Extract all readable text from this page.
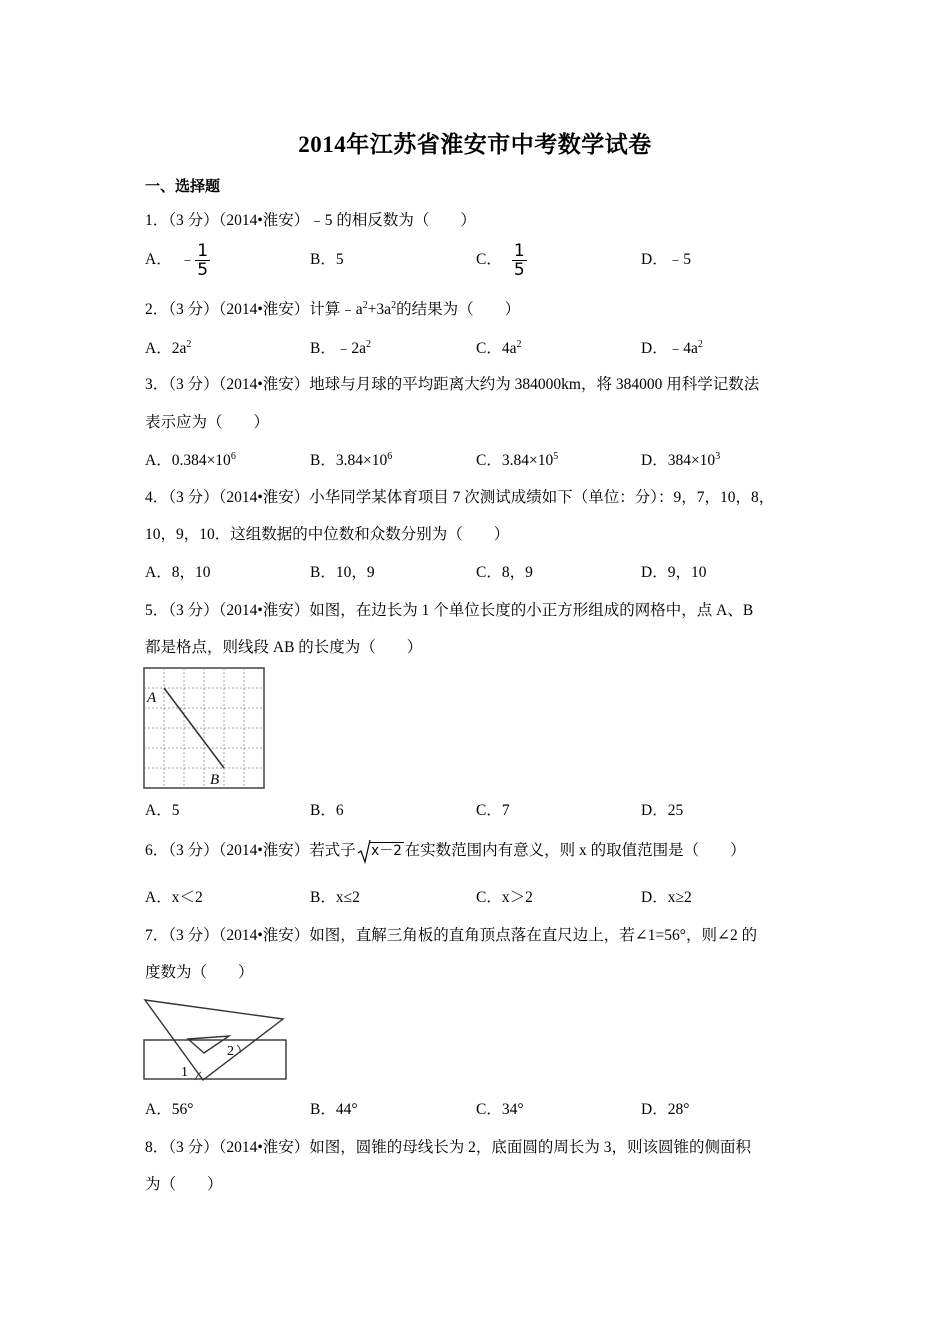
2014年江苏省淮安市中考数学试卷
一、选择题
1．（3 分）（2014•淮安）﹣5 的相反数为（　　）
A． ﹣ $\frac{1}{5}$	B．5	C． $\frac{1}{5}$	D．﹣5
2．（3 分）（2014•淮安）计算$﹣a^2+3a^2$的结果为（　　）
A．$2a^2$	B．$﹣2a^2$	C．$4a^2$	D．$﹣4a^2$
3．（3 分）（2014•淮安）地球与月球的平均距离大约为 384000km，将 384000 用科学记数法
表示应为（　　）
A．$0.384\times 10^6$	B．$3.84\times 10^6$	C．$3.84\times 10^5$	D．$384\times 10^3$
4．（3 分）（2014•淮安）小华同学某体育项目 7 次测试成绩如下（单位：分）：9，7，10，8，
10，9，10．这组数据的中位数和众数分别为（　　）
A．8，10	B．10，9	C．8，9	D．9，10
5．（3 分）（2014•淮安）如图，在边长为 1 个单位长度的小正方形组成的网格中，点 A、B
都是格点，则线段 AB 的长度为（　　）
A
B
A．5	B．6	C．7	D．25
6．（3 分）（2014•淮安）若式子 x－2 在实数范围内有意义，则 x 的取值范围是（　　）
A．x＜2	B．x≤2	C．x＞2	D．x≥2
7．（3 分）（2014•淮安）如图，直解三角板的直角顶点落在直尺边上，若∠1=56°，则∠2 的
度数为（　　）
1
2
A．56°	B．44°	C．34°	D．28°
8．（3 分）（2014•淮安）如图，圆锥的母线长为 2，底面圆的周长为 3，则该圆锥的侧面积
为（　　）
